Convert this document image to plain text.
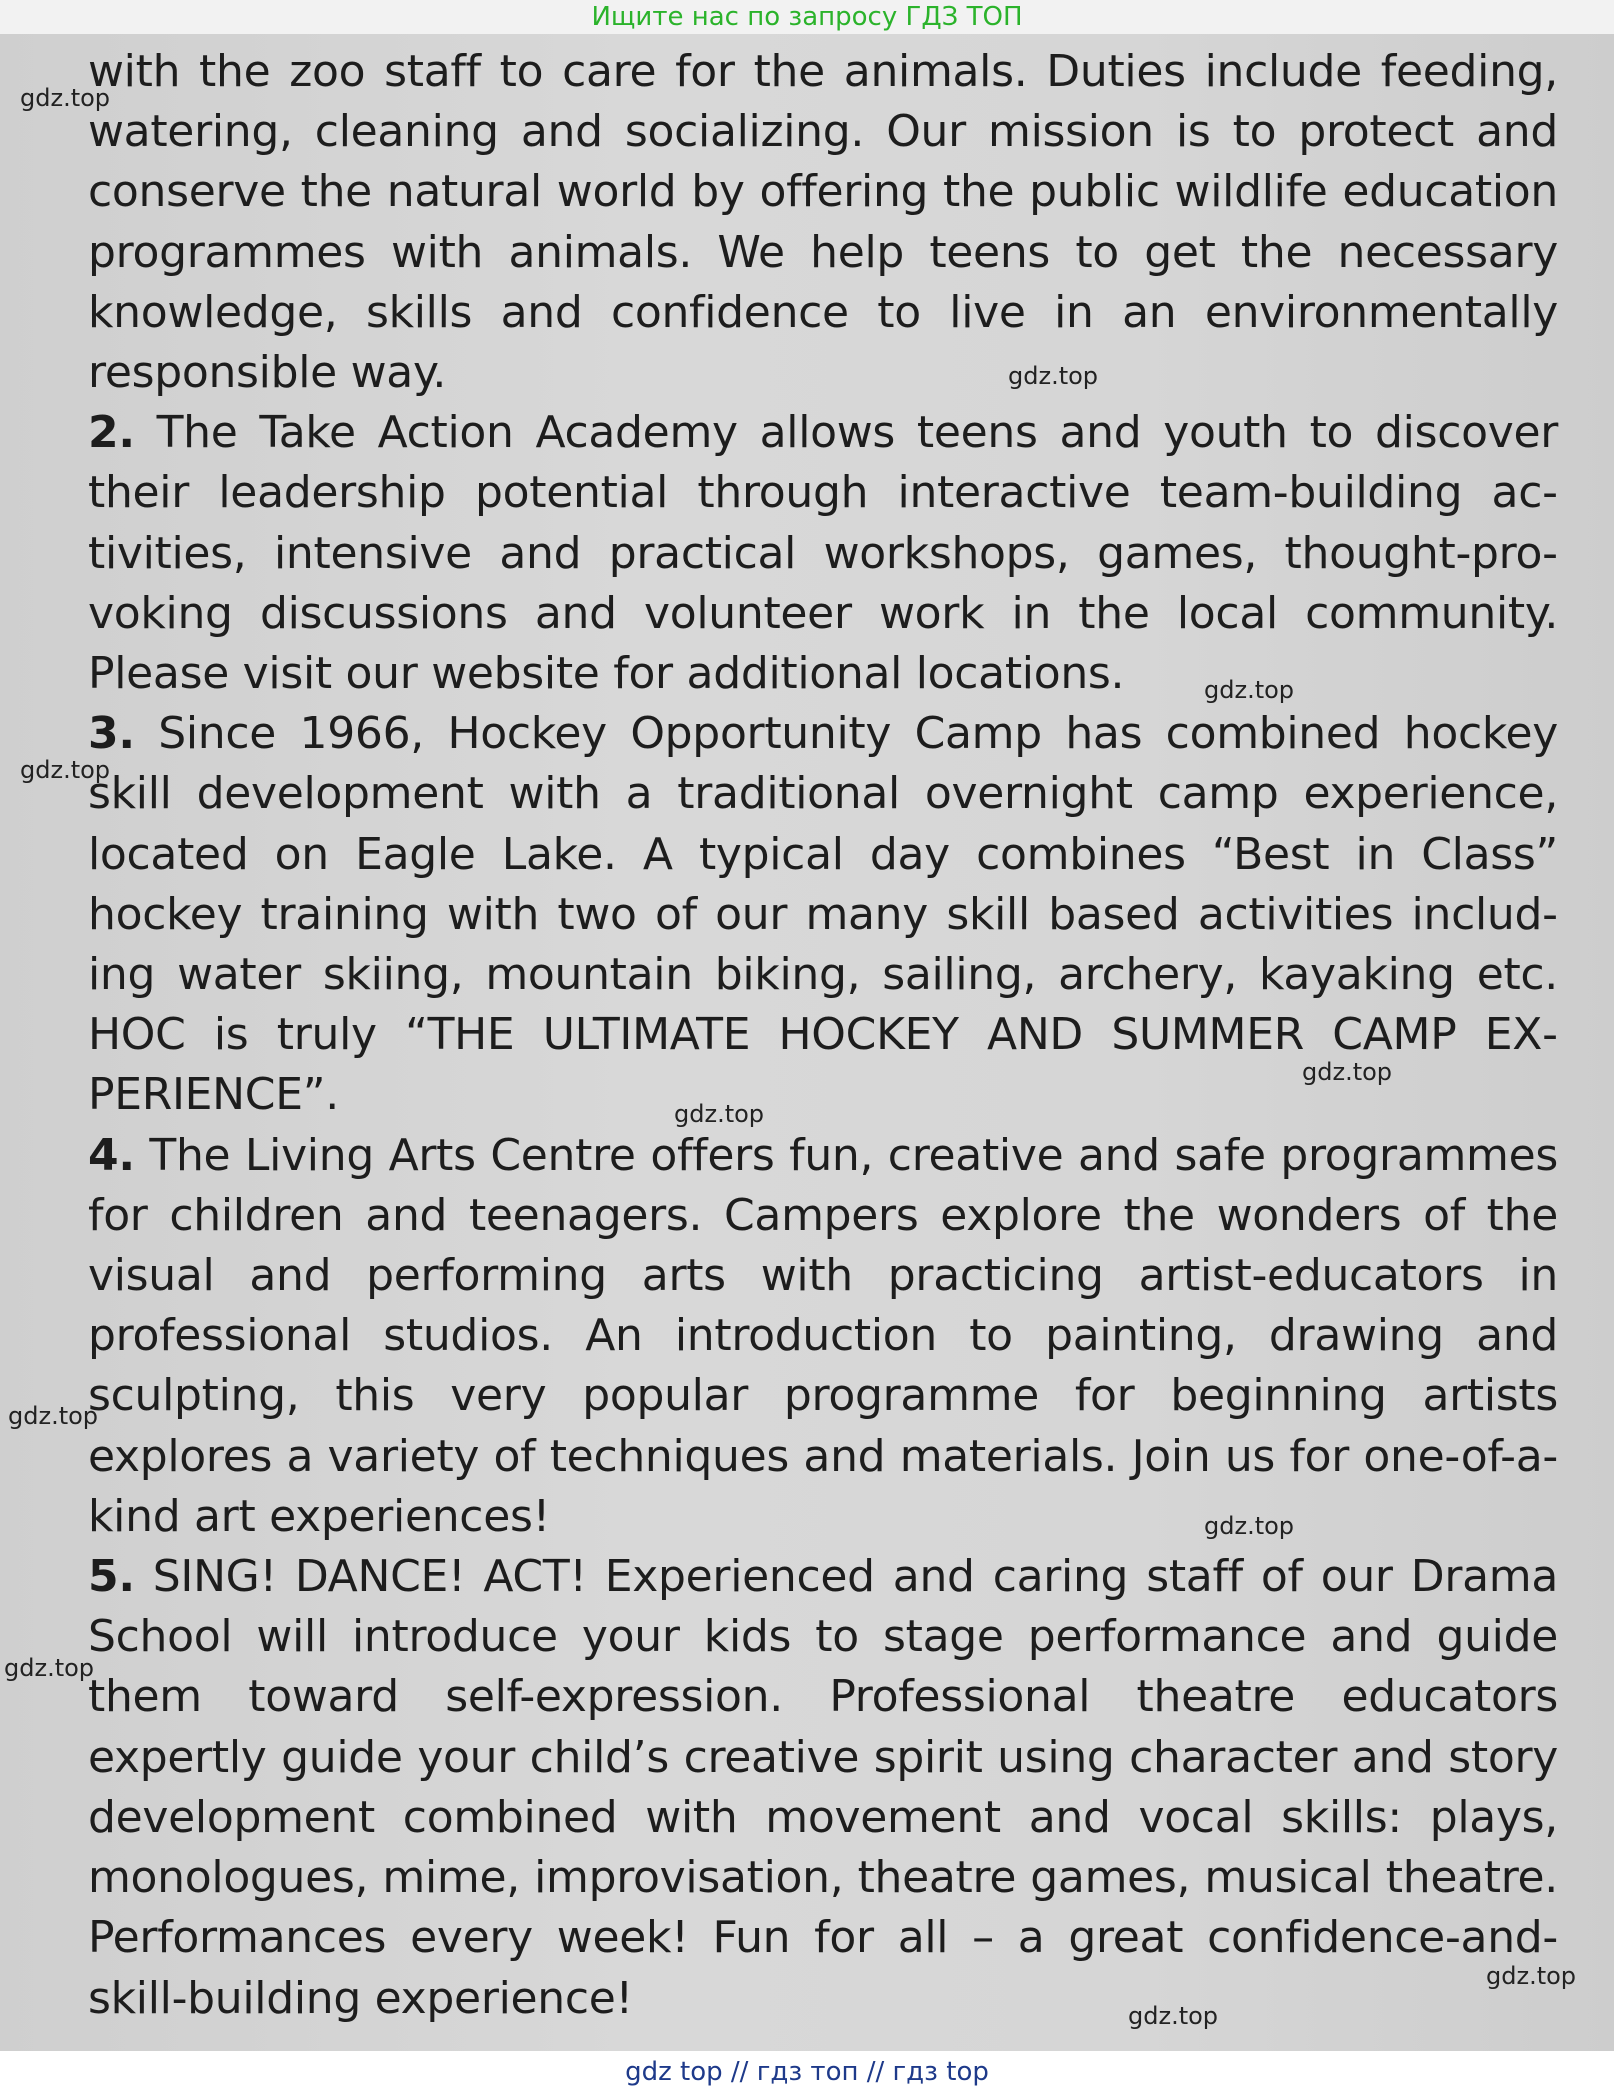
Ищите нас по запросу ГДЗ ТОП

with the zoo staff to care for the animals. Duties include feeding, watering, cleaning and socializing. Our mission is to protect and conserve the natural world by offering the public wildlife education programmes with animals. We help teens to get the necessary knowledge, skills and confidence to live in an environmentally responsible way.

2. The Take Action Academy allows teens and youth to discover their leadership potential through interactive team-building activities, intensive and practical workshops, games, thought-provoking discussions and volunteer work in the local community. Please visit our website for additional locations.

3. Since 1966, Hockey Opportunity Camp has combined hockey skill development with a traditional overnight camp experience, located on Eagle Lake. A typical day combines “Best in Class” hockey training with two of our many skill based activities including water skiing, mountain biking, sailing, archery, kayaking etc. HOC is truly “THE ULTIMATE HOCKEY AND SUMMER CAMP EXPERIENCE”.

4. The Living Arts Centre offers fun, creative and safe programmes for children and teenagers. Campers explore the wonders of the visual and performing arts with practicing artist-educators in professional studios. An introduction to painting, drawing and sculpting, this very popular programme for beginning artists explores a variety of techniques and materials. Join us for one-of-a-kind art experiences!

5. SING! DANCE! ACT! Experienced and caring staff of our Drama School will introduce your kids to stage performance and guide them toward self-expression. Professional theatre educators expertly guide your child’s creative spirit using character and story development combined with movement and vocal skills: plays, monologues, mime, improvisation, theatre games, musical theatre. Performances every week! Fun for all – a great confidence-and-skill-building experience!

gdz.top
gdz.top
gdz.top
gdz.top
gdz.top
gdz.top
gdz.top
gdz.top
gdz.top
gdz.top
gdz.top
gdz top // гдз топ // гдз top
